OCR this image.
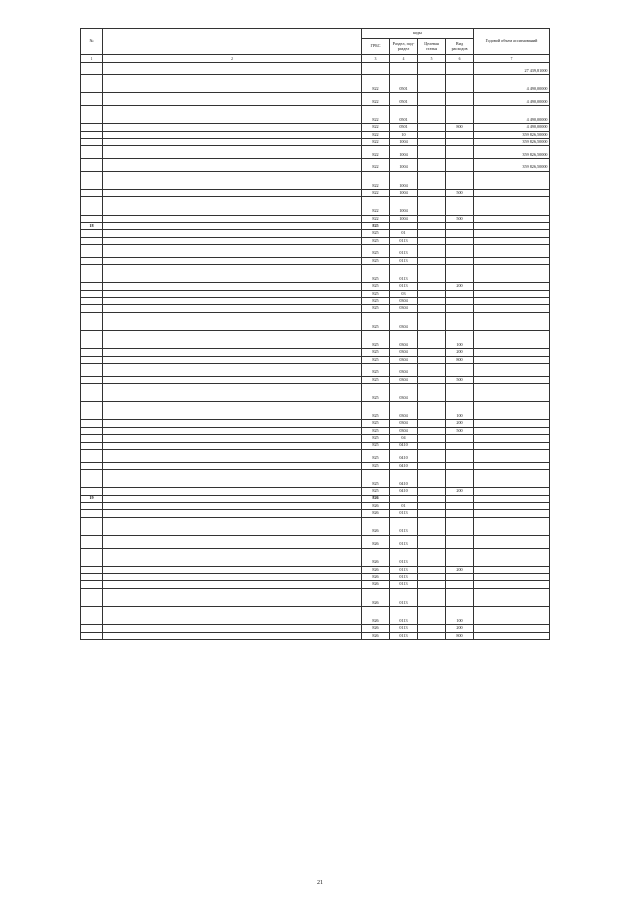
№		коды				Годовой объем ассигнований
		ГРБС	Раздел, под-раздел	Целевая статья	Вид расходов	
1	2	3	4	5	6	7
						27 439,81000
		822	0501			4 490,00000
		822	0501			4 490,00000
		822	0501			4 490,00000
		822	0501		800	4 490,00000
		822	10			359 826,50000
		822	1004			359 826,50000
		822	1004			359 826,50000
		822	1004			359 826,50000
		822	1004			
		822	1004		500	
		822	1004			
		822	1004		500	
18		825				
		825	01			
		825	0113			
		825	0113			
		825	0113			
		825	0113			
		825	0113		200	
		825	03			
		825	0304			
		825	0304			
		825	0304			
		825	0304		100	
		825	0304		200	
		825	0304		800	
		825	0304			
		825	0304		500	
		825	0304			
		825	0304		100	
		825	0304		200	
		825	0304		500	
		825	04			
		825	0410			
		825	0410			
		825	0410			
		825	0410			
		825	0410		200	
19		826				
		826	01			
		826	0113			
		826	0113			
		826	0113			
		826	0113			
		826	0113		200	
		826	0113			
		826	0113			
		826	0113			
		826	0113		100	
		826	0113		200	
		826	0113		800	
21
